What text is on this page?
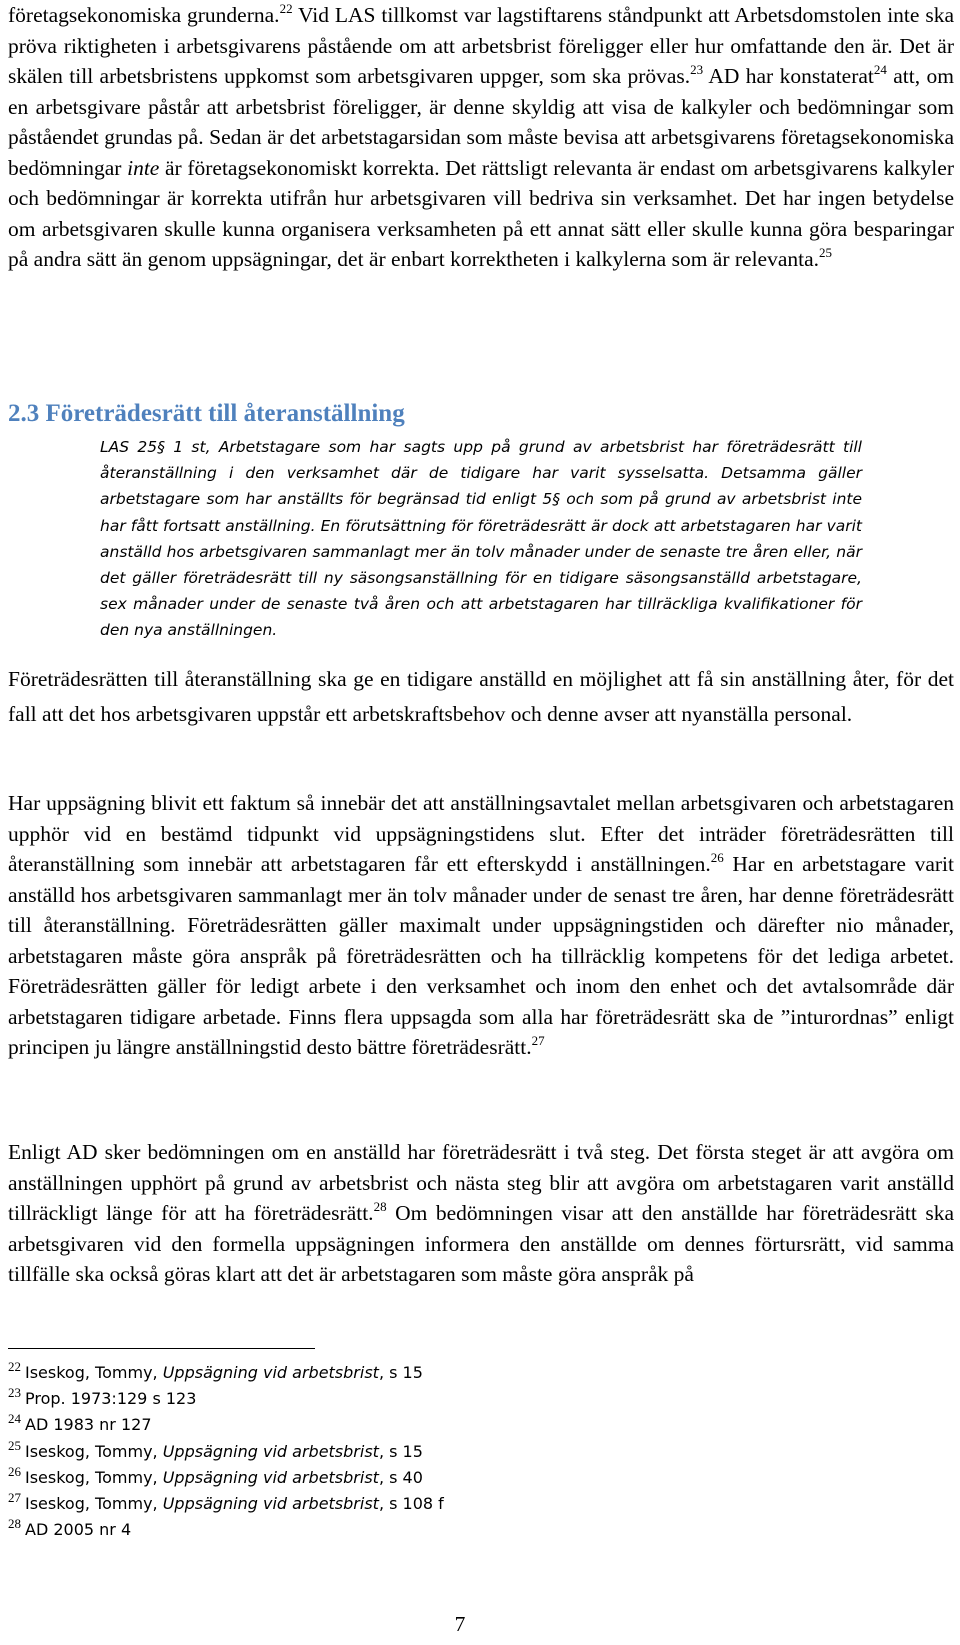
företagsekonomiska grunderna.$^{22}$ Vid LAS tillkomst var lagstiftarens ståndpunkt att Arbetsdomstolen inte ska pröva riktigheten i arbetsgivarens påstående om att arbetsbrist föreligger eller hur omfattande den är. Det är skälen till arbetsbristens uppkomst som arbetsgivaren uppger, som ska prövas.$^{23}$ AD har konstaterat$^{24}$ att, om en arbetsgivare påstår att arbetsbrist föreligger, är denne skyldig att visa de kalkyler och bedömningar som påståendet grundas på. Sedan är det arbetstagarsidan som måste bevisa att arbetsgivarens företagsekonomiska bedömningar inte är företagsekonomiskt korrekta. Det rättsligt relevanta är endast om arbetsgivarens kalkyler och bedömningar är korrekta utifrån hur arbetsgivaren vill bedriva sin verksamhet. Det har ingen betydelse om arbetsgivaren skulle kunna organisera verksamheten på ett annat sätt eller skulle kunna göra besparingar på andra sätt än genom uppsägningar, det är enbart korrektheten i kalkylerna som är relevanta.$^{25}$

2.3 Företrädesrätt till återanställning

LAS 25§ 1 st, Arbetstagare som har sagts upp på grund av arbetsbrist har företrädesrätt till återanställning i den verksamhet där de tidigare har varit sysselsatta. Detsamma gäller arbetstagare som har anställts för begränsad tid enligt 5§ och som på grund av arbetsbrist inte har fått fortsatt anställning. En förutsättning för företrädesrätt är dock att arbetstagaren har varit anställd hos arbetsgivaren sammanlagt mer än tolv månader under de senaste tre åren eller, när det gäller företrädesrätt till ny säsongsanställning för en tidigare säsongsanställd arbetstagare, sex månader under de senaste två åren och att arbetstagaren har tillräckliga kvalifikationer för den nya anställningen.

Företrädesrätten till återanställning ska ge en tidigare anställd en möjlighet att få sin anställning åter, för det fall att det hos arbetsgivaren uppstår ett arbetskraftsbehov och denne avser att nyanställa personal.

Har uppsägning blivit ett faktum så innebär det att anställningsavtalet mellan arbetsgivaren och arbetstagaren upphör vid en bestämd tidpunkt vid uppsägningstidens slut. Efter det inträder företrädesrätten till återanställning som innebär att arbetstagaren får ett efterskydd i anställningen.$^{26}$ Har en arbetstagare varit anställd hos arbetsgivaren sammanlagt mer än tolv månader under de senast tre åren, har denne företrädesrätt till återanställning. Företrädesrätten gäller maximalt under uppsägningstiden och därefter nio månader, arbetstagaren måste göra anspråk på företrädesrätten och ha tillräcklig kompetens för det lediga arbetet. Företrädesrätten gäller för ledigt arbete i den verksamhet och inom den enhet och det avtalsområde där arbetstagaren tidigare arbetade. Finns flera uppsagda som alla har företrädesrätt ska de ”inturordnas” enligt principen ju längre anställningstid desto bättre företrädesrätt.$^{27}$

Enligt AD sker bedömningen om en anställd har företrädesrätt i två steg. Det första steget är att avgöra om anställningen upphört på grund av arbetsbrist och nästa steg blir att avgöra om arbetstagaren varit anställd tillräckligt länge för att ha företrädesrätt.$^{28}$ Om bedömningen visar att den anställde har företrädesrätt ska arbetsgivaren vid den formella uppsägningen informera den anställde om dennes förtursrätt, vid samma tillfälle ska också göras klart att det är arbetstagaren som måste göra anspråk på

$^{22}$ Iseskog, Tommy, Uppsägning vid arbetsbrist, s 15
$^{23}$ Prop. 1973:129 s 123
$^{24}$ AD 1983 nr 127
$^{25}$ Iseskog, Tommy, Uppsägning vid arbetsbrist, s 15
$^{26}$ Iseskog, Tommy, Uppsägning vid arbetsbrist, s 40
$^{27}$ Iseskog, Tommy, Uppsägning vid arbetsbrist, s 108 f
$^{28}$ AD 2005 nr 4
7
